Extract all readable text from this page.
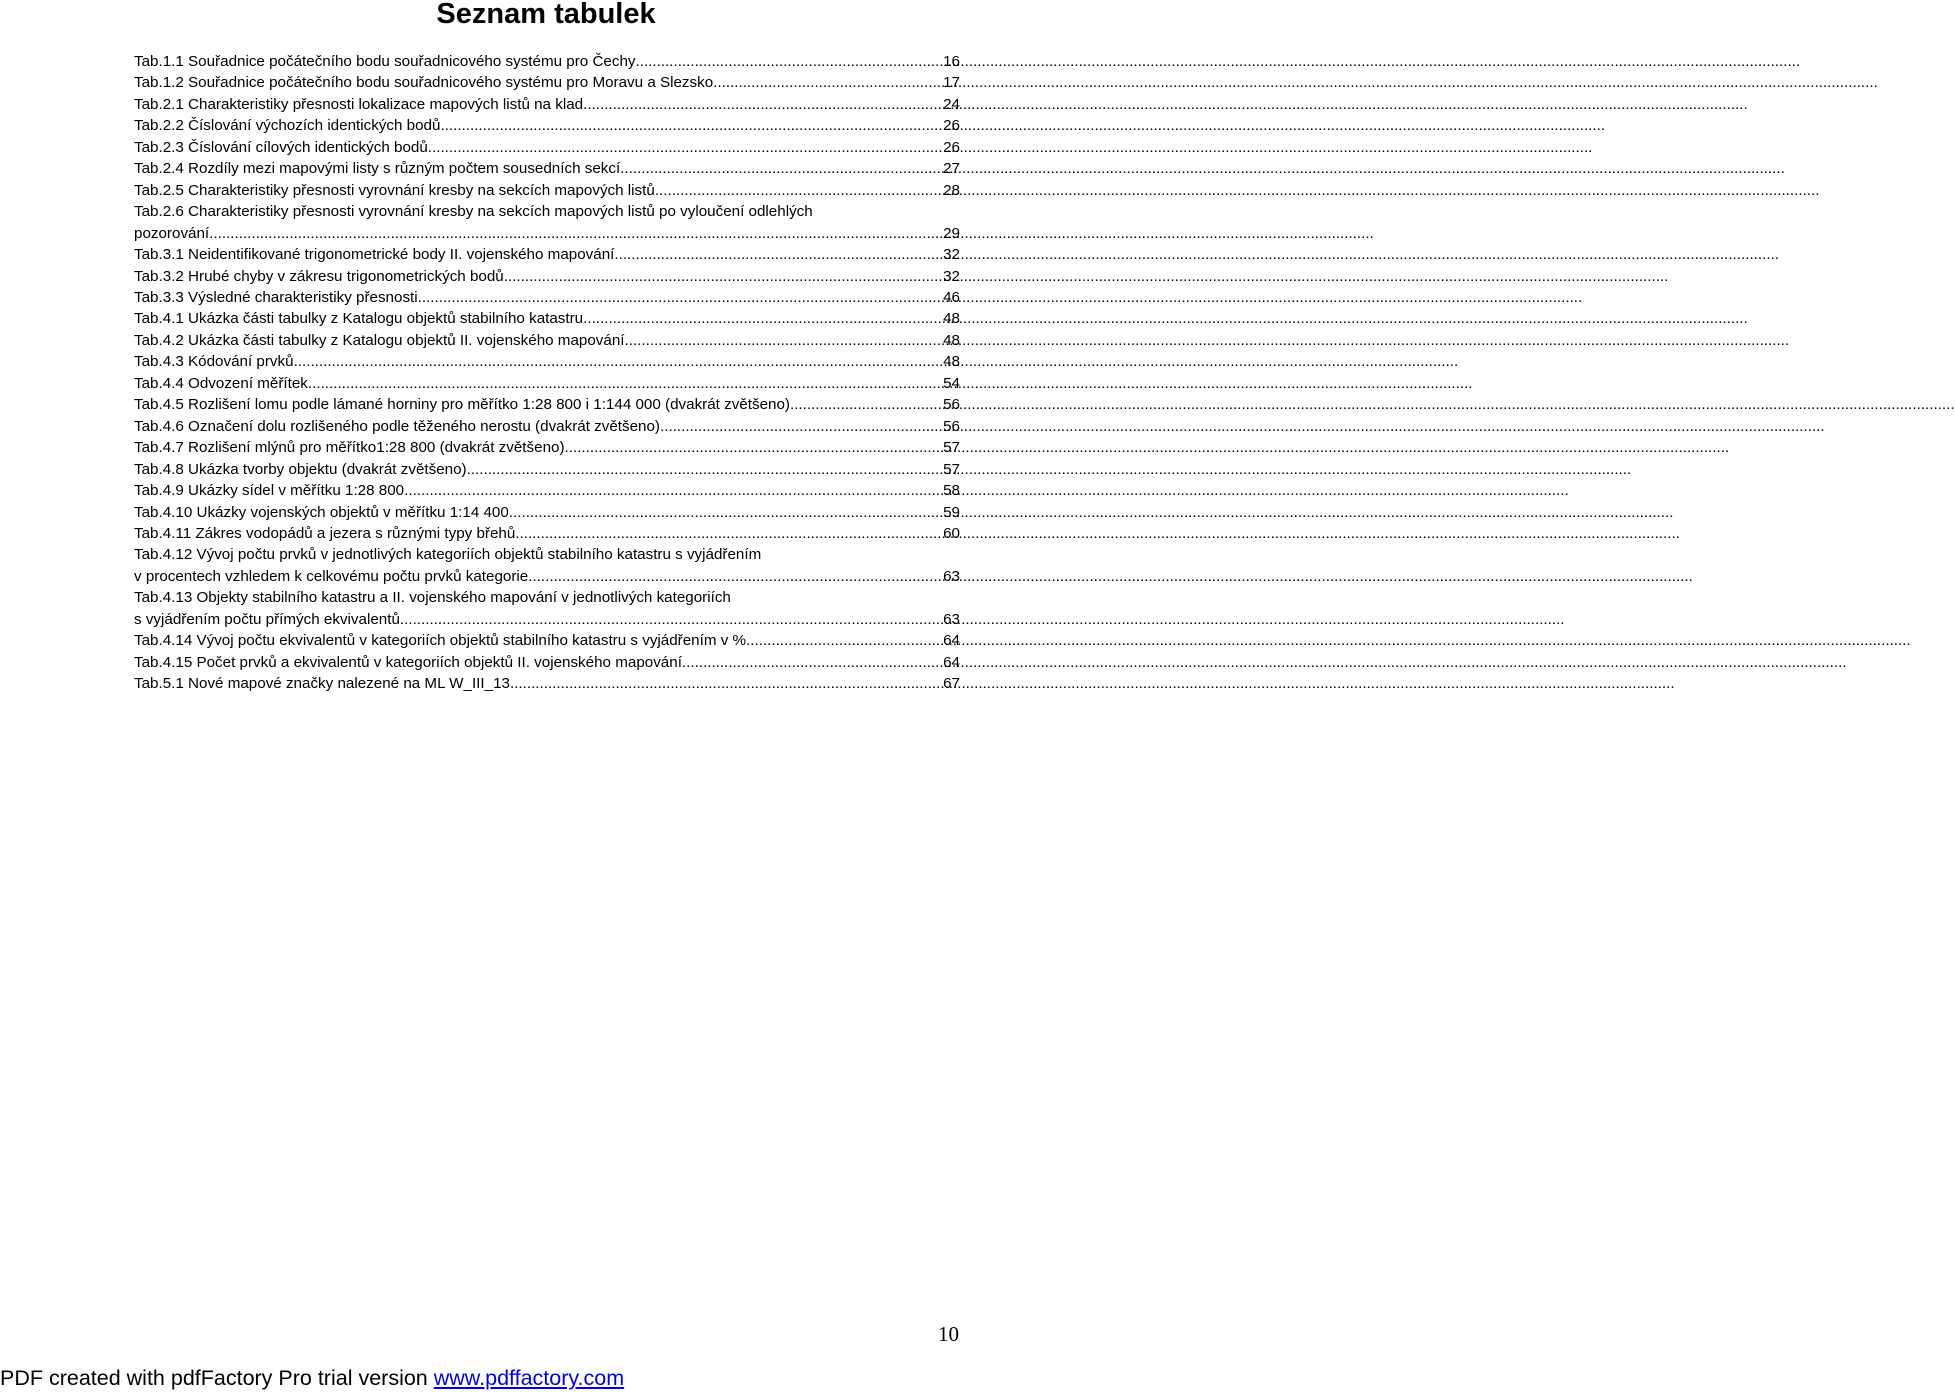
Seznam tabulek
Tab.1.1 Souřadnice počátečního bodu souřadnicového systému pro Čechy .....	16
Tab.1.2 Souřadnice počátečního bodu souřadnicového systému pro Moravu a Slezsko .....	17
Tab.2.1 Charakteristiky přesnosti lokalizace mapových listů na klad .....	24
Tab.2.2 Číslování výchozích identických bodů .....	26
Tab.2.3 Číslování cílových identických bodů .....	26
Tab.2.4 Rozdíly mezi mapovými listy s různým počtem sousedních sekcí .....	27
Tab.2.5 Charakteristiky přesnosti vyrovnání kresby na sekcích mapových listů .....	28
Tab.2.6 Charakteristiky přesnosti vyrovnání kresby na sekcích mapových listů po vyloučení odlehlých
pozorování .....	29
Tab.3.1 Neidentifikované trigonometrické body II. vojenského mapování .....	32
Tab.3.2 Hrubé chyby v zákresu trigonometrických bodů .....	32
Tab.3.3 Výsledné charakteristiky přesnosti .....	46
Tab.4.1 Ukázka části tabulky z Katalogu objektů stabilního katastru .....	48
Tab.4.2 Ukázka části tabulky z Katalogu objektů II. vojenského mapování .....	48
Tab.4.3 Kódování prvků .....	48
Tab.4.4 Odvození měřítek .....	54
Tab.4.5 Rozlišení lomu podle lámané horniny pro měřítko 1:28 800 i 1:144 000 (dvakrát zvětšeno) .....	56
Tab.4.6 Označení dolu rozlišeného podle těženého nerostu (dvakrát zvětšeno) .....	56
Tab.4.7 Rozlišení mlýnů pro měřítko1:28 800 (dvakrát zvětšeno) .....	57
Tab.4.8 Ukázka tvorby objektu (dvakrát zvětšeno) .....	57
Tab.4.9 Ukázky sídel v měřítku 1:28 800 .....	58
Tab.4.10 Ukázky vojenských objektů v měřítku 1:14 400 .....	59
Tab.4.11 Zákres vodopádů a jezera s různými typy břehů .....	60
Tab.4.12 Vývoj počtu prvků v jednotlivých kategoriích objektů stabilního katastru s vyjádřením
v procentech vzhledem k celkovému počtu prvků kategorie .....	63
Tab.4.13 Objekty stabilního katastru a II. vojenského mapování v jednotlivých kategoriích
s vyjádřením počtu přímých ekvivalentů .....	63
Tab.4.14 Vývoj počtu ekvivalentů v kategoriích objektů stabilního katastru s vyjádřením v % .....	64
Tab.4.15 Počet prvků a ekvivalentů v kategoriích objektů II. vojenského mapování .....	64
Tab.5.1 Nové mapové značky nalezené na ML W_III_13 .....	67
10
PDF created with pdfFactory Pro trial version www.pdffactory.com
